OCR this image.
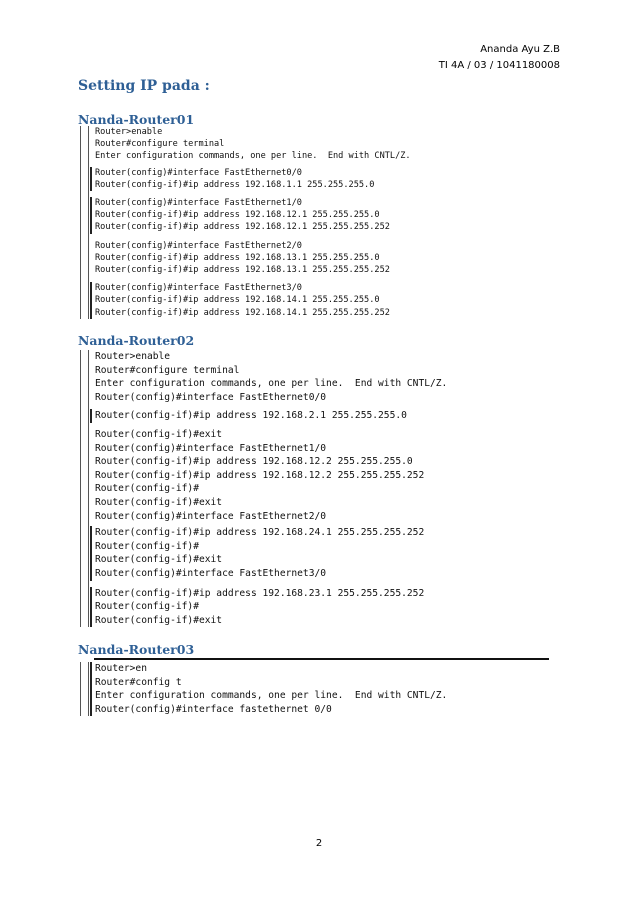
Ananda Ayu Z.B
TI 4A / 03 / 1041180008
Setting IP pada :
Nanda-Router01
Router>enable
Router#configure terminal
Enter configuration commands, one per line.  End with CNTL/Z.
Router(config)#interface FastEthernet0/0
Router(config-if)#ip address 192.168.1.1 255.255.255.0
Router(config)#interface FastEthernet1/0
Router(config-if)#ip address 192.168.12.1 255.255.255.0
Router(config-if)#ip address 192.168.12.1 255.255.255.252
Router(config)#interface FastEthernet2/0
Router(config-if)#ip address 192.168.13.1 255.255.255.0
Router(config-if)#ip address 192.168.13.1 255.255.255.252
Router(config)#interface FastEthernet3/0
Router(config-if)#ip address 192.168.14.1 255.255.255.0
Router(config-if)#ip address 192.168.14.1 255.255.255.252
Nanda-Router02
Router>enable
Router#configure terminal
Enter configuration commands, one per line.  End with CNTL/Z.
Router(config)#interface FastEthernet0/0
Router(config-if)#ip address 192.168.2.1 255.255.255.0
Router(config-if)#exit
Router(config)#interface FastEthernet1/0
Router(config-if)#ip address 192.168.12.2 255.255.255.0
Router(config-if)#ip address 192.168.12.2 255.255.255.252
Router(config-if)#
Router(config-if)#exit
Router(config)#interface FastEthernet2/0
Router(config-if)#ip address 192.168.24.1 255.255.255.252
Router(config-if)#
Router(config-if)#exit
Router(config)#interface FastEthernet3/0
Router(config-if)#ip address 192.168.23.1 255.255.255.252
Router(config-if)#
Router(config-if)#exit
Nanda-Router03
Router>en
Router#config t
Enter configuration commands, one per line.  End with CNTL/Z.
Router(config)#interface fastethernet 0/0
2
